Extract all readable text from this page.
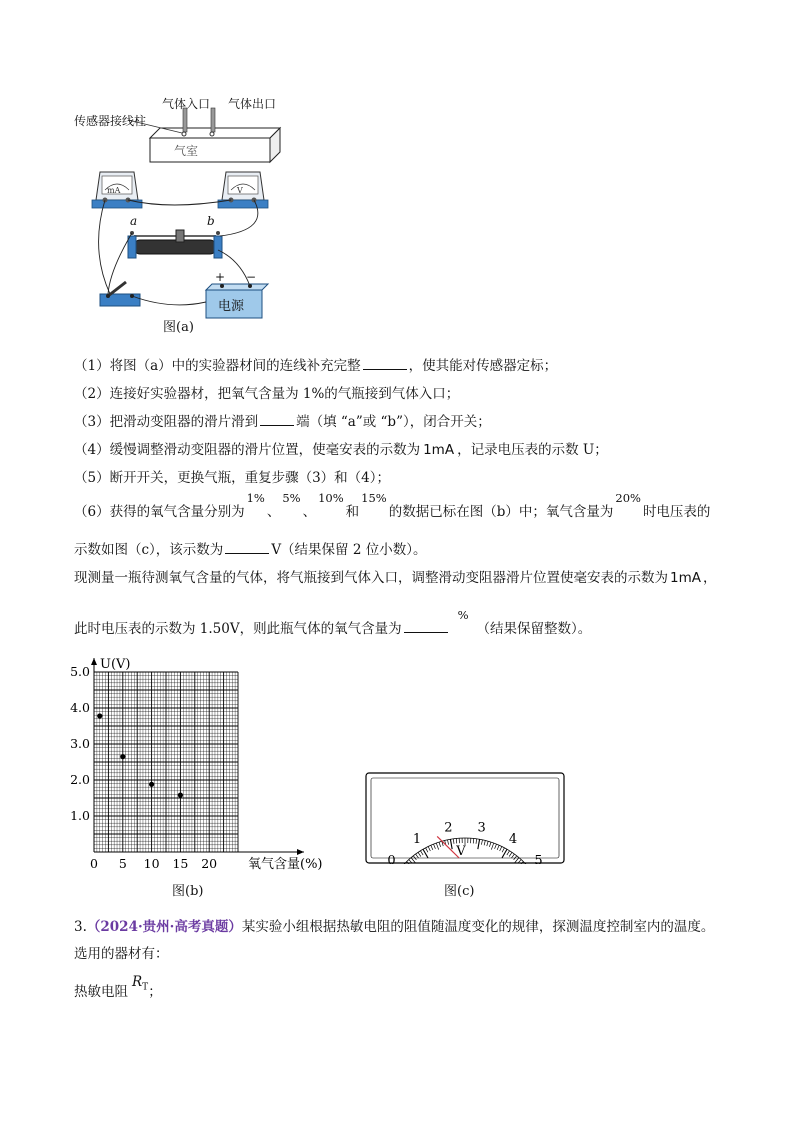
气体入口 气体出口
传感器接线柱
气室
mA	V
a	b
+ −
电源
图(a)
（1）将图（a）中的实验器材间的连线补充完整	，使其能对传感器定标；
（2）连接好实验器材，把氧气含量为 1%的气瓶接到气体入口；
（3）把滑动变阻器的滑片滑到	端（填 “a”或 “b”），闭合开关；
（4）缓慢调整滑动变阻器的滑片位置，使毫安表的示数为 1mA ，记录电压表的示数 U；
（5）断开开关，更换气瓶，重复步骤（3）和（4）；
（6）获得的氧气含量分别为1%、5%、10%和15%的数据已标在图（b）中；氧气含量为20%时电压表的
示数如图（c），该示数为	V（结果保留 2 位小数）。
现测量一瓶待测氧气含量的气体，将气瓶接到气体入口，调整滑动变阻器滑片位置使毫安表的示数为 1mA ，
此时电压表的示数为 1.50V，则此瓶气体的氧气含量为%（结果保留整数）。
1.0
2.0
3.0
4.0
5.0
0 5 10 15 20
U(V)
氧气含量(%)
图(b)
0
1
2 3
4
5
V
图(c)
3.（2024·贵州·高考真题）某实验小组根据热敏电阻的阻值随温度变化的规律，探测温度控制室内的温度。
选用的器材有：
热敏电阻$R_T$；
